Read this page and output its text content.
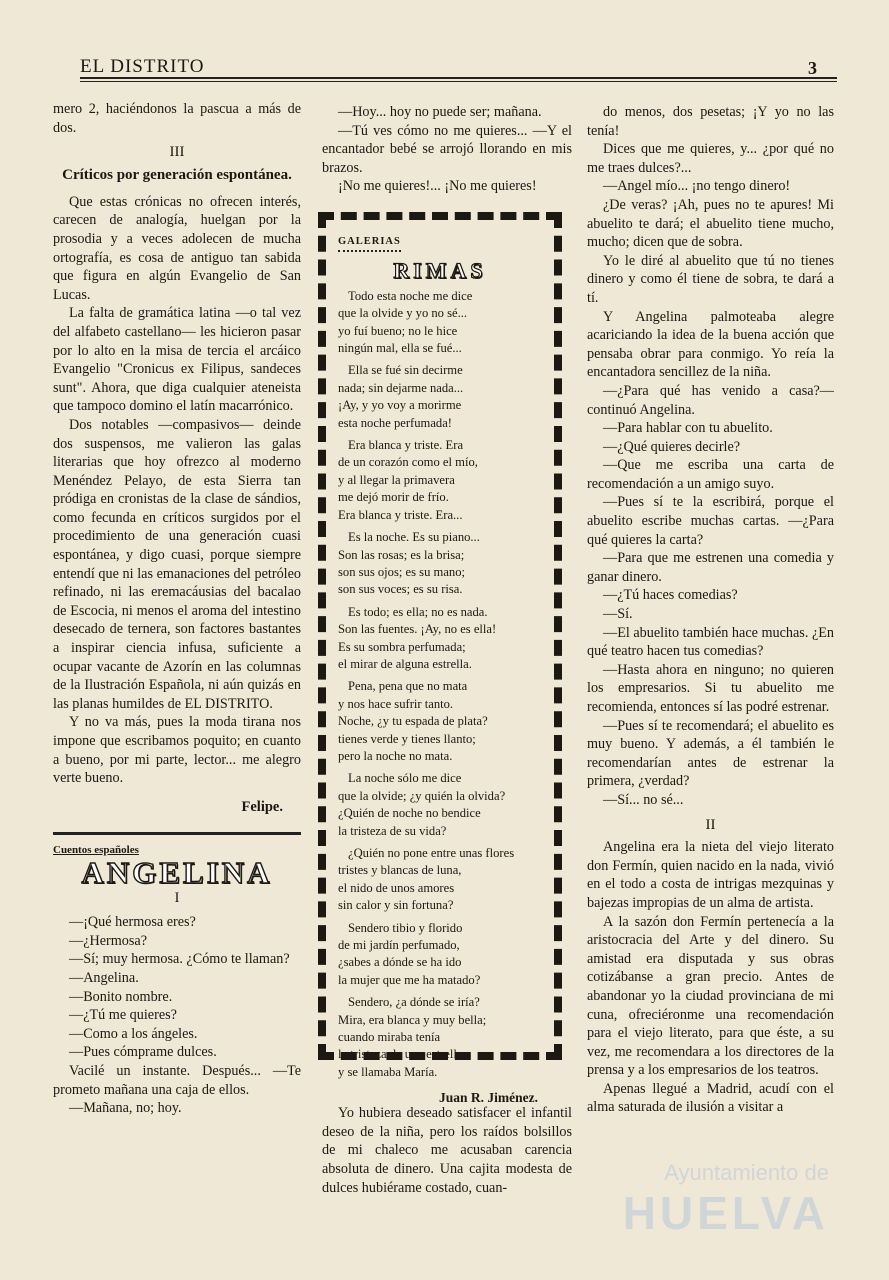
EL DISTRITO	3

mero 2, haciéndonos la pascua a más de dos.

III

Críticos por generación espontánea.

Que estas crónicas no ofrecen interés, carecen de analogía, huelgan por la prosodia y a veces adolecen de mucha ortografía, es cosa de antiguo tan sabida que figura en algún Evangelio de San Lucas.

La falta de gramática latina —o tal vez del alfabeto castellano— les hicieron pasar por lo alto en la misa de tercia el arcáico Evangelio "Cronicus ex Filipus, sandeces sunt". Ahora, que diga cualquier ateneista que tampoco domino el latín macarrónico.

Dos notables —compasivos— deinde dos suspensos, me valieron las galas literarias que hoy ofrezco al moderno Menéndez Pelayo, de esta Sierra tan pródiga en cronistas de la clase de sándios, como fecunda en críticos surgidos por el procedimiento de una generación cuasi espontánea, y digo cuasi, porque siempre entendí que ni las emanaciones del petróleo refinado, ni las eremacáusias del bacalao de Escocia, ni menos el aroma del intestino desecado de ternera, son factores bastantes a inspirar ciencia infusa, suficiente a ocupar vacante de Azorín en las columnas de la Ilustración Española, ni aún quizás en las planas humildes de EL DISTRITO.

Y no va más, pues la moda tirana nos impone que escribamos poquito; en cuanto a bueno, por mi parte, lector... me alegro verte bueno.

Felipe.

Cuentos españoles

ANGELINA

I

—¡Qué hermosa eres?

—¿Hermosa?

—Sí; muy hermosa. ¿Cómo te llaman?

—Angelina.

—Bonito nombre.

—¿Tú me quieres?

—Como a los ángeles.

—Pues cómprame dulces.

Vacilé un instante. Después... —Te prometo mañana una caja de ellos.

—Mañana, no; hoy.

—Hoy... hoy no puede ser; mañana.

—Tú ves cómo no me quieres... —Y el encantador bebé se arrojó llorando en mis brazos.

¡No me quieres!... ¡No me quieres!

GALERIAS
RIMAS
Todo esta noche me dice
que la olvide y yo no sé...
yo fuí bueno; no le hice
ningún mal, ella se fué...
Ella se fué sin decirme
nada; sin dejarme nada...
¡Ay, y yo voy a morirme
esta noche perfumada!
Era blanca y triste. Era
de un corazón como el mío,
y al llegar la primavera
me dejó morir de frío.
Era blanca y triste. Era...
Es la noche. Es su piano...
Son las rosas; es la brisa;
son sus ojos; es su mano;
son sus voces; es su risa.
Es todo; es ella; no es nada.
Son las fuentes. ¡Ay, no es ella!
Es su sombra perfumada;
el mirar de alguna estrella.
Pena, pena que no mata
y nos hace sufrir tanto.
Noche, ¿y tu espada de plata?
tienes verde y tienes llanto;
pero la noche no mata.
La noche sólo me dice
que la olvide; ¿y quién la olvida?
¿Quién de noche no bendice
la tristeza de su vida?
¿Quién no pone entre unas flores
tristes y blancas de luna,
el nido de unos amores
sin calor y sin fortuna?
Sendero tibio y florido
de mi jardín perfumado,
¿sabes a dónde se ha ido
la mujer que me ha matado?
Sendero, ¿a dónde se iría?
Mira, era blanca y muy bella;
cuando miraba tenía
la tristeza de una estrella,
y se llamaba María.
Juan R. Jiménez.

Yo hubiera deseado satisfacer el infantil deseo de la niña, pero los raídos bolsillos de mi chaleco me acusaban carencia absoluta de dinero. Una cajita modesta de dulces hubiérame costado, cuan-

do menos, dos pesetas; ¡Y yo no las tenía!

Dices que me quieres, y... ¿por qué no me traes dulces?...

—Angel mío... ¡no tengo dinero!

¿De veras? ¡Ah, pues no te apures! Mi abuelito te dará; el abuelito tiene mucho, mucho; dicen que de sobra.

Yo le diré al abuelito que tú no tienes dinero y como él tiene de sobra, te dará a tí.

Y Angelina palmoteaba alegre acariciando la idea de la buena acción que pensaba obrar para conmigo. Yo reía la encantadora sencillez de la niña.

—¿Para qué has venido a casa?— continuó Angelina.

—Para hablar con tu abuelito.

—¿Qué quieres decirle?

—Que me escriba una carta de recomendación a un amigo suyo.

—Pues sí te la escribirá, porque el abuelito escribe muchas cartas. —¿Para qué quieres la carta?

—Para que me estrenen una comedia y ganar dinero.

—¿Tú haces comedias?

—Sí.

—El abuelito también hace muchas. ¿En qué teatro hacen tus comedias?

—Hasta ahora en ninguno; no quieren los empresarios. Si tu abuelito me recomienda, entonces sí las podré estrenar.

—Pues sí te recomendará; el abuelito es muy bueno. Y además, a él también le recomendarían antes de estrenar la primera, ¿verdad?

—Sí... no sé...

II

Angelina era la nieta del viejo literato don Fermín, quien nacido en la nada, vivió en el todo a costa de intrigas mezquinas y bajezas impropias de un alma de artista.

A la sazón don Fermín pertenecía a la aristocracia del Arte y del dinero. Su amistad era disputada y sus obras cotizábanse a gran precio. Antes de abandonar yo la ciudad provinciana de mi cuna, ofreciéronme una recomendación para el viejo literato, para que éste, a su vez, me recomendara a los directores de la prensa y a los empresarios de los teatros.

Apenas llegué a Madrid, acudí con el alma saturada de ilusión a visitar a

Ayuntamiento de
HUELVA
